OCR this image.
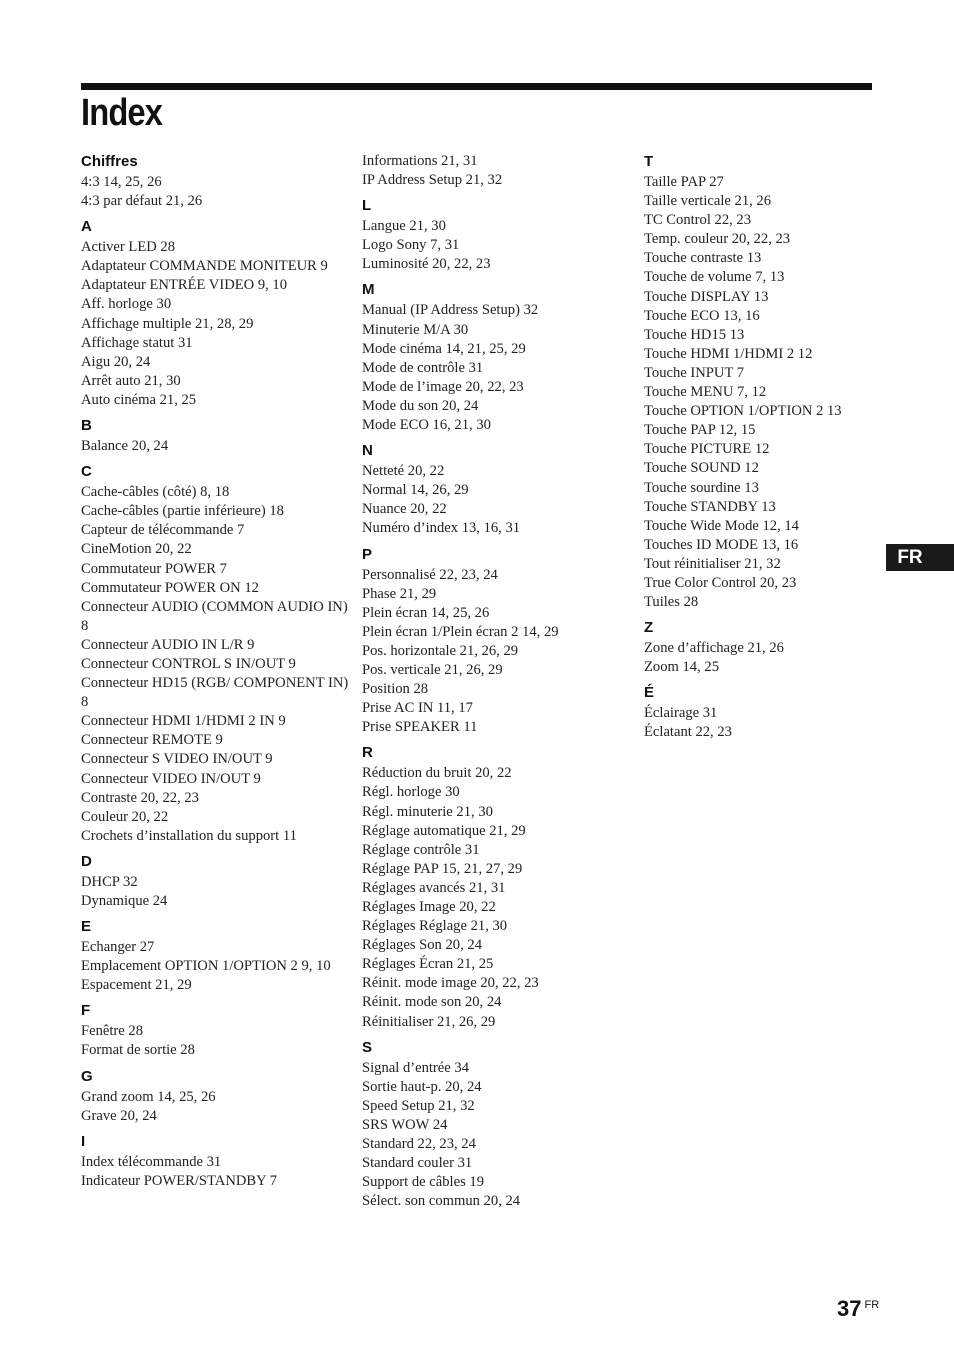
Index
Chiffres
4:3 14, 25, 26
4:3 par défaut 21, 26
A
Activer LED 28
Adaptateur COMMANDE MONITEUR 9
Adaptateur ENTRÉE VIDEO 9, 10
Aff. horloge 30
Affichage multiple 21, 28, 29
Affichage statut 31
Aigu 20, 24
Arrêt auto 21, 30
Auto cinéma 21, 25
B
Balance 20, 24
C
Cache-câbles (côté) 8, 18
Cache-câbles (partie inférieure) 18
Capteur de télécommande 7
CineMotion 20, 22
Commutateur POWER 7
Commutateur POWER ON 12
Connecteur AUDIO (COMMON AUDIO IN) 8
Connecteur AUDIO IN L/R 9
Connecteur CONTROL S IN/OUT 9
Connecteur HD15 (RGB/ COMPONENT IN) 8
Connecteur HDMI 1/HDMI 2 IN 9
Connecteur REMOTE 9
Connecteur S VIDEO IN/OUT 9
Connecteur VIDEO IN/OUT 9
Contraste 20, 22, 23
Couleur 20, 22
Crochets d’installation du support 11
D
DHCP 32
Dynamique 24
E
Echanger 27
Emplacement OPTION 1/OPTION 2 9, 10
Espacement 21, 29
F
Fenêtre 28
Format de sortie 28
G
Grand zoom 14, 25, 26
Grave 20, 24
I
Index télécommande 31
Indicateur POWER/STANDBY 7
Informations 21, 31
IP Address Setup 21, 32
L
Langue 21, 30
Logo Sony 7, 31
Luminosité 20, 22, 23
M
Manual (IP Address Setup) 32
Minuterie M/A 30
Mode cinéma 14, 21, 25, 29
Mode de contrôle 31
Mode de l’image 20, 22, 23
Mode du son 20, 24
Mode ECO 16, 21, 30
N
Netteté 20, 22
Normal 14, 26, 29
Nuance 20, 22
Numéro d’index 13, 16, 31
P
Personnalisé 22, 23, 24
Phase 21, 29
Plein écran 14, 25, 26
Plein écran 1/Plein écran 2 14, 29
Pos. horizontale 21, 26, 29
Pos. verticale 21, 26, 29
Position 28
Prise AC IN 11, 17
Prise SPEAKER 11
R
Réduction du bruit 20, 22
Régl. horloge 30
Régl. minuterie 21, 30
Réglage automatique 21, 29
Réglage contrôle 31
Réglage PAP 15, 21, 27, 29
Réglages avancés 21, 31
Réglages Image 20, 22
Réglages Réglage 21, 30
Réglages Son 20, 24
Réglages Écran 21, 25
Réinit. mode image 20, 22, 23
Réinit. mode son 20, 24
Réinitialiser 21, 26, 29
S
Signal d’entrée 34
Sortie haut-p. 20, 24
Speed Setup 21, 32
SRS WOW 24
Standard 22, 23, 24
Standard couler 31
Support de câbles 19
Sélect. son commun 20, 24
T
Taille PAP 27
Taille verticale 21, 26
TC Control 22, 23
Temp. couleur 20, 22, 23
Touche contraste 13
Touche de volume 7, 13
Touche DISPLAY 13
Touche ECO 13, 16
Touche HD15 13
Touche HDMI 1/HDMI 2 12
Touche INPUT 7
Touche MENU 7, 12
Touche OPTION 1/OPTION 2 13
Touche PAP 12, 15
Touche PICTURE 12
Touche SOUND 12
Touche sourdine 13
Touche STANDBY 13
Touche Wide Mode 12, 14
Touches ID MODE 13, 16
Tout réinitialiser 21, 32
True Color Control 20, 23
Tuiles 28
Z
Zone d’affichage 21, 26
Zoom 14, 25
É
Éclairage 31
Éclatant 22, 23
FR
37 $^{FR}$
